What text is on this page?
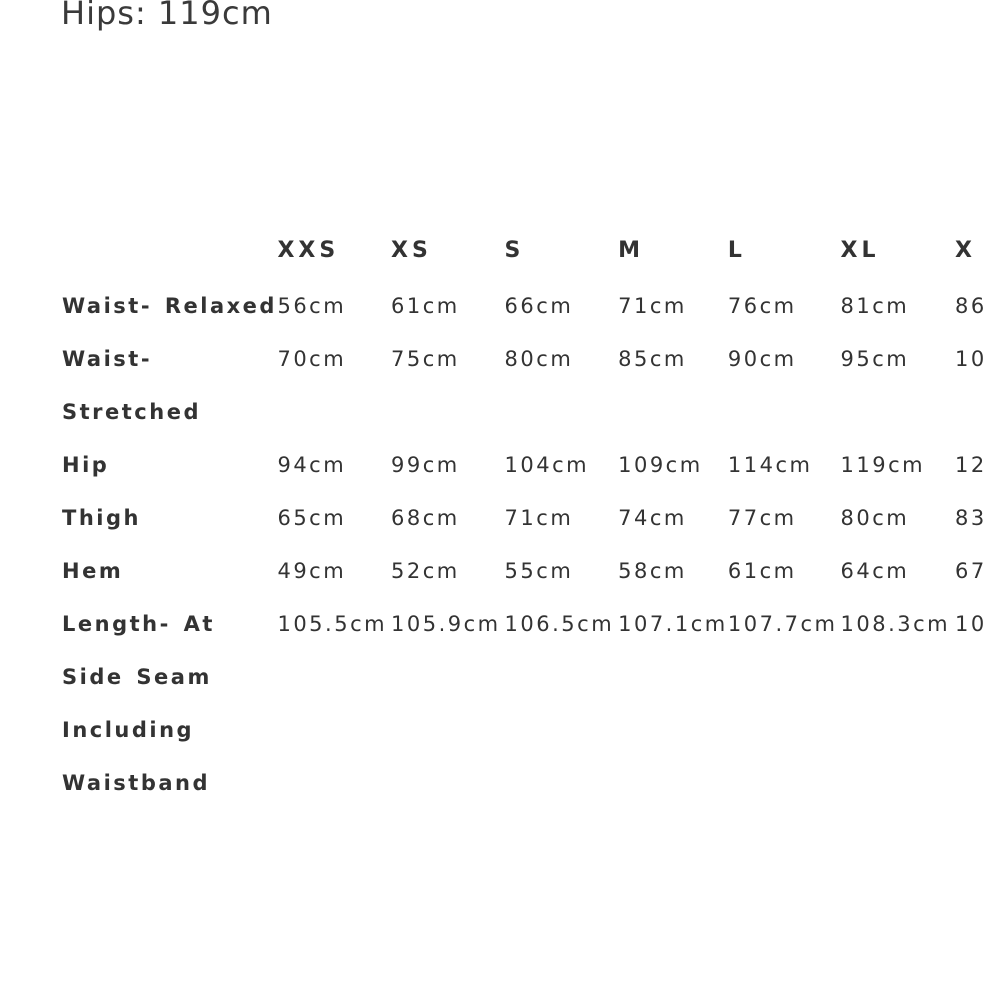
Hips: 119cm
	XXS	XS	S	M	L	XL	X

Waist- Relaxed	56cm	61cm	66cm	71cm	76cm	81cm	86

Waist- Stretched	70cm	75cm	80cm	85cm	90cm	95cm	10

Hip	94cm	99cm	104cm	109cm	114cm	119cm	12

Thigh	65cm	68cm	71cm	74cm	77cm	80cm	83

Hem	49cm	52cm	55cm	58cm	61cm	64cm	67

Length- At Side Seam Including Waistband	105.5cm	105.9cm	106.5cm	107.1cm	107.7cm	108.3cm	10
